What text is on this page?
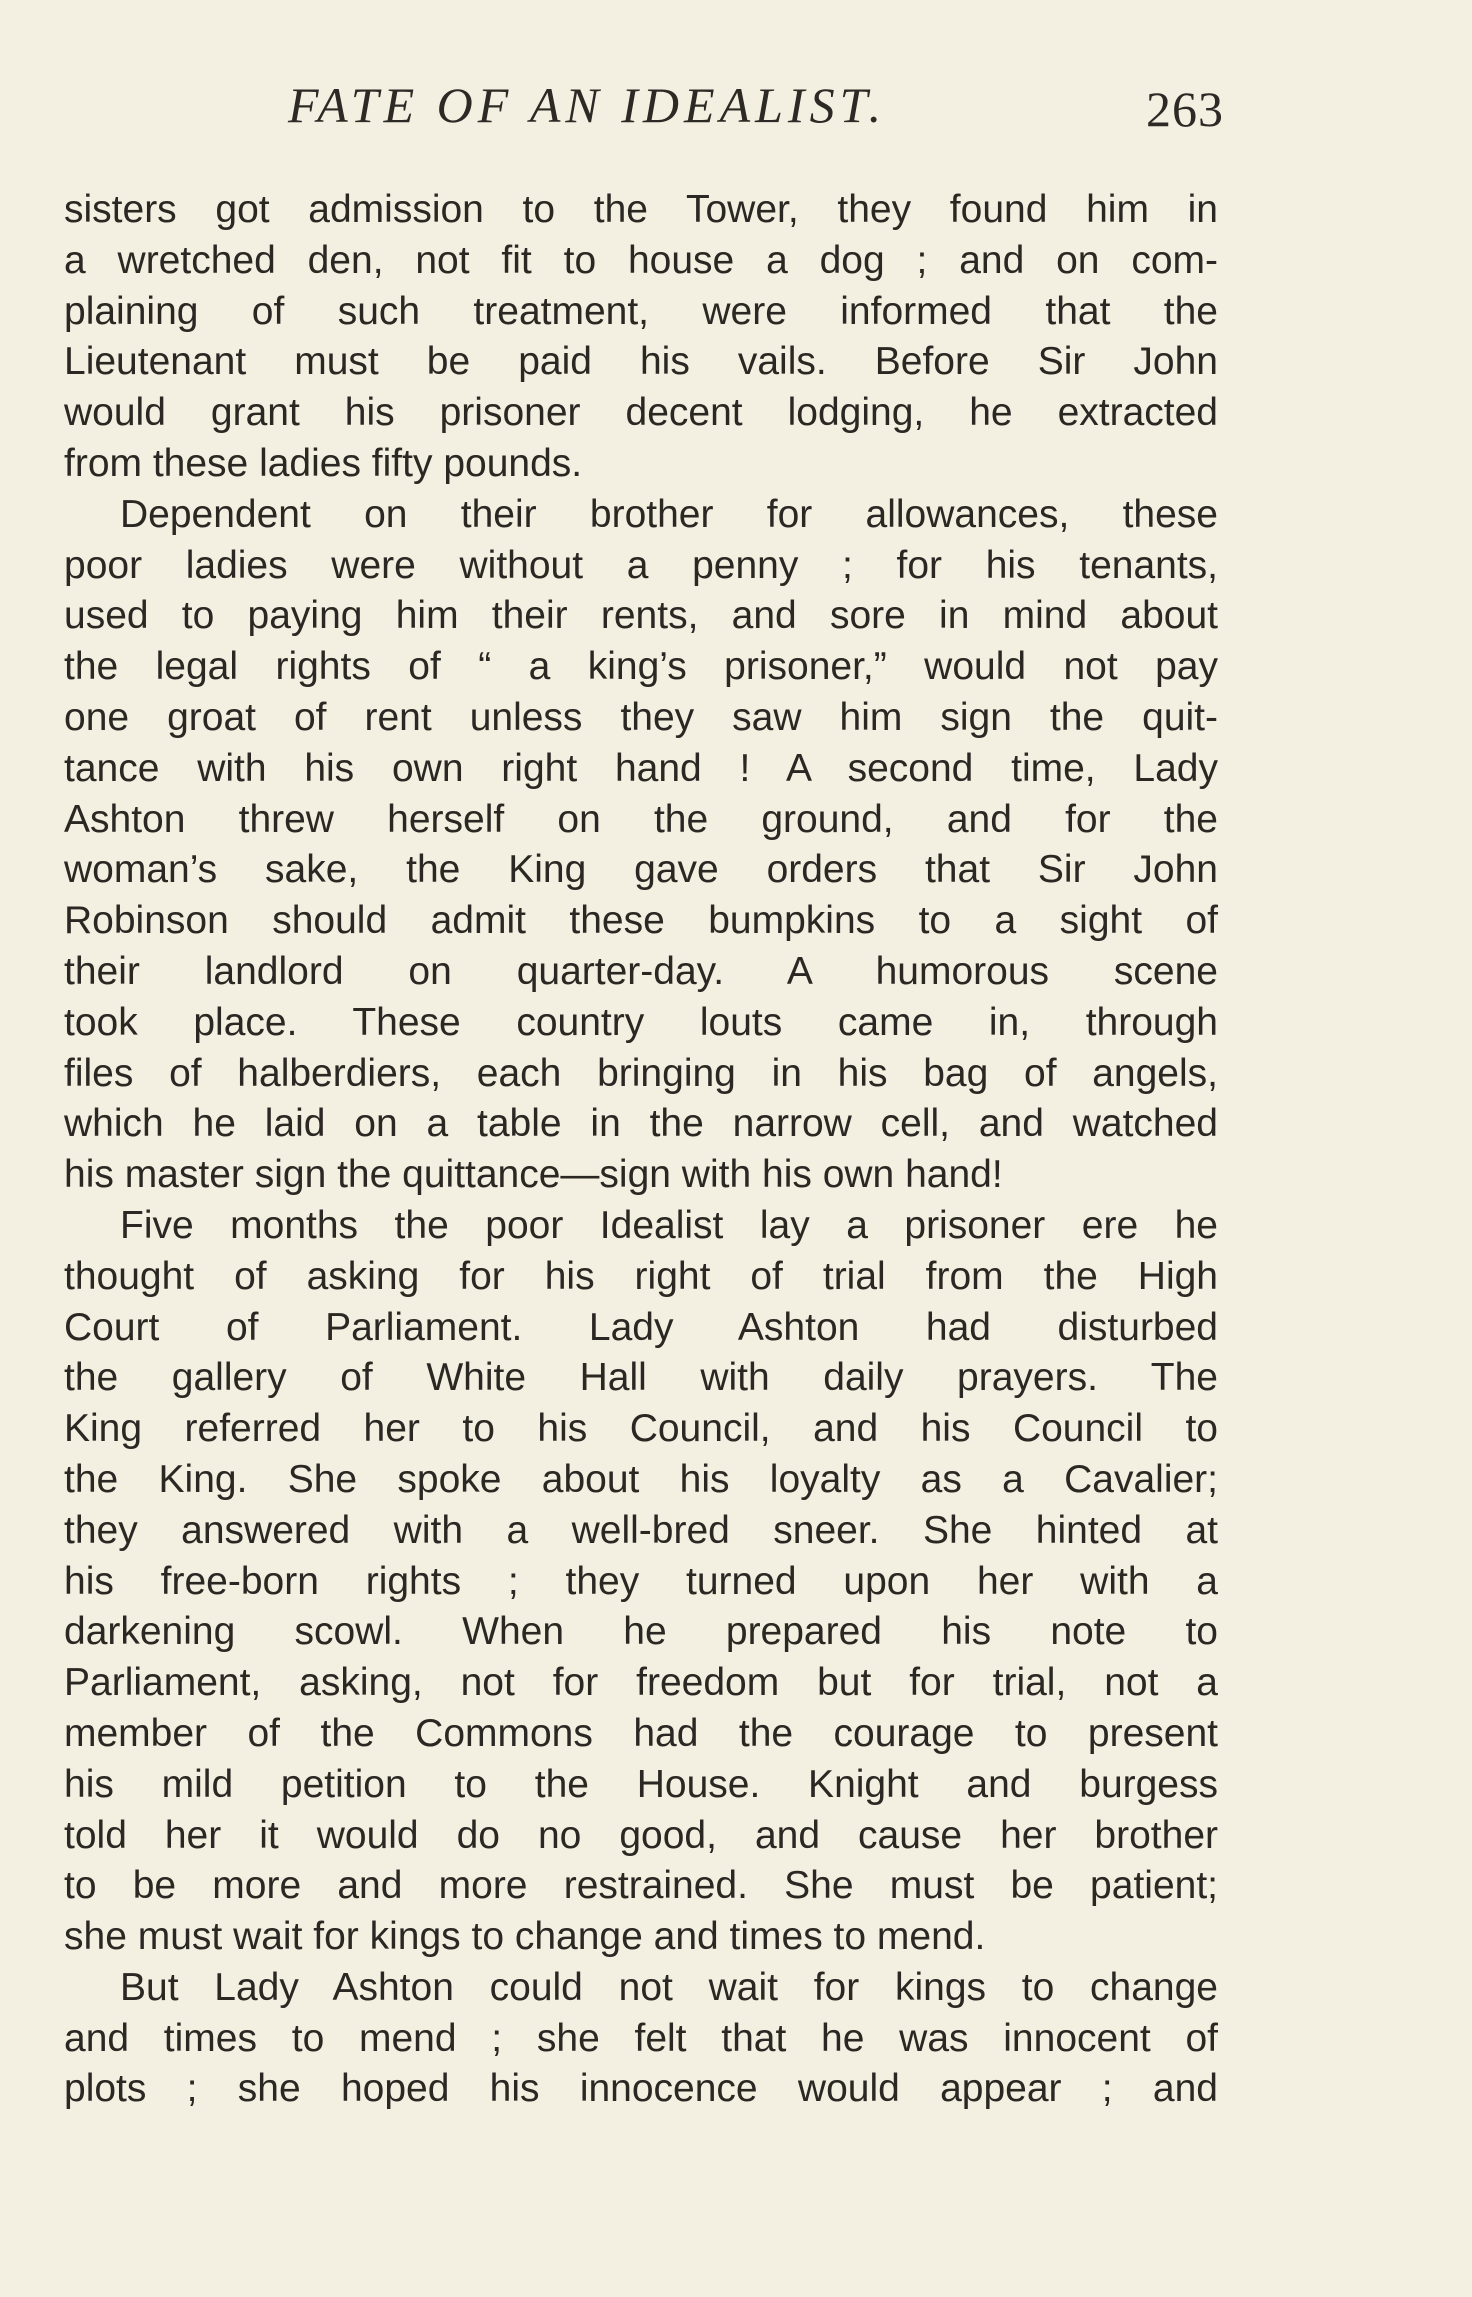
FATE OF AN IDEALIST.	263
sisters got admission to the Tower, they found him in
a wretched den, not fit to house a dog ; and on com-
plaining of such treatment, were informed that the
Lieutenant must be paid his vails. Before Sir John
would grant his prisoner decent lodging, he extracted
from these ladies fifty pounds.
Dependent on their brother for allowances, these
poor ladies were without a penny ; for his tenants,
used to paying him their rents, and sore in mind about
the legal rights of “ a king’s prisoner,” would not pay
one groat of rent unless they saw him sign the quit-
tance with his own right hand ! A second time, Lady
Ashton threw herself on the ground, and for the
woman’s sake, the King gave orders that Sir John
Robinson should admit these bumpkins to a sight of
their landlord on quarter-day. A humorous scene
took place. These country louts came in, through
files of halberdiers, each bringing in his bag of angels,
which he laid on a table in the narrow cell, and watched
his master sign the quittance—sign with his own hand!
Five months the poor Idealist lay a prisoner ere he
thought of asking for his right of trial from the High
Court of Parliament. Lady Ashton had disturbed
the gallery of White Hall with daily prayers. The
King referred her to his Council, and his Council to
the King. She spoke about his loyalty as a Cavalier;
they answered with a well-bred sneer. She hinted at
his free-born rights ; they turned upon her with a
darkening scowl. When he prepared his note to
Parliament, asking, not for freedom but for trial, not a
member of the Commons had the courage to present
his mild petition to the House. Knight and burgess
told her it would do no good, and cause her brother
to be more and more restrained. She must be patient;
she must wait for kings to change and times to mend.
But Lady Ashton could not wait for kings to change
and times to mend ; she felt that he was innocent of
plots ; she hoped his innocence would appear ; and
